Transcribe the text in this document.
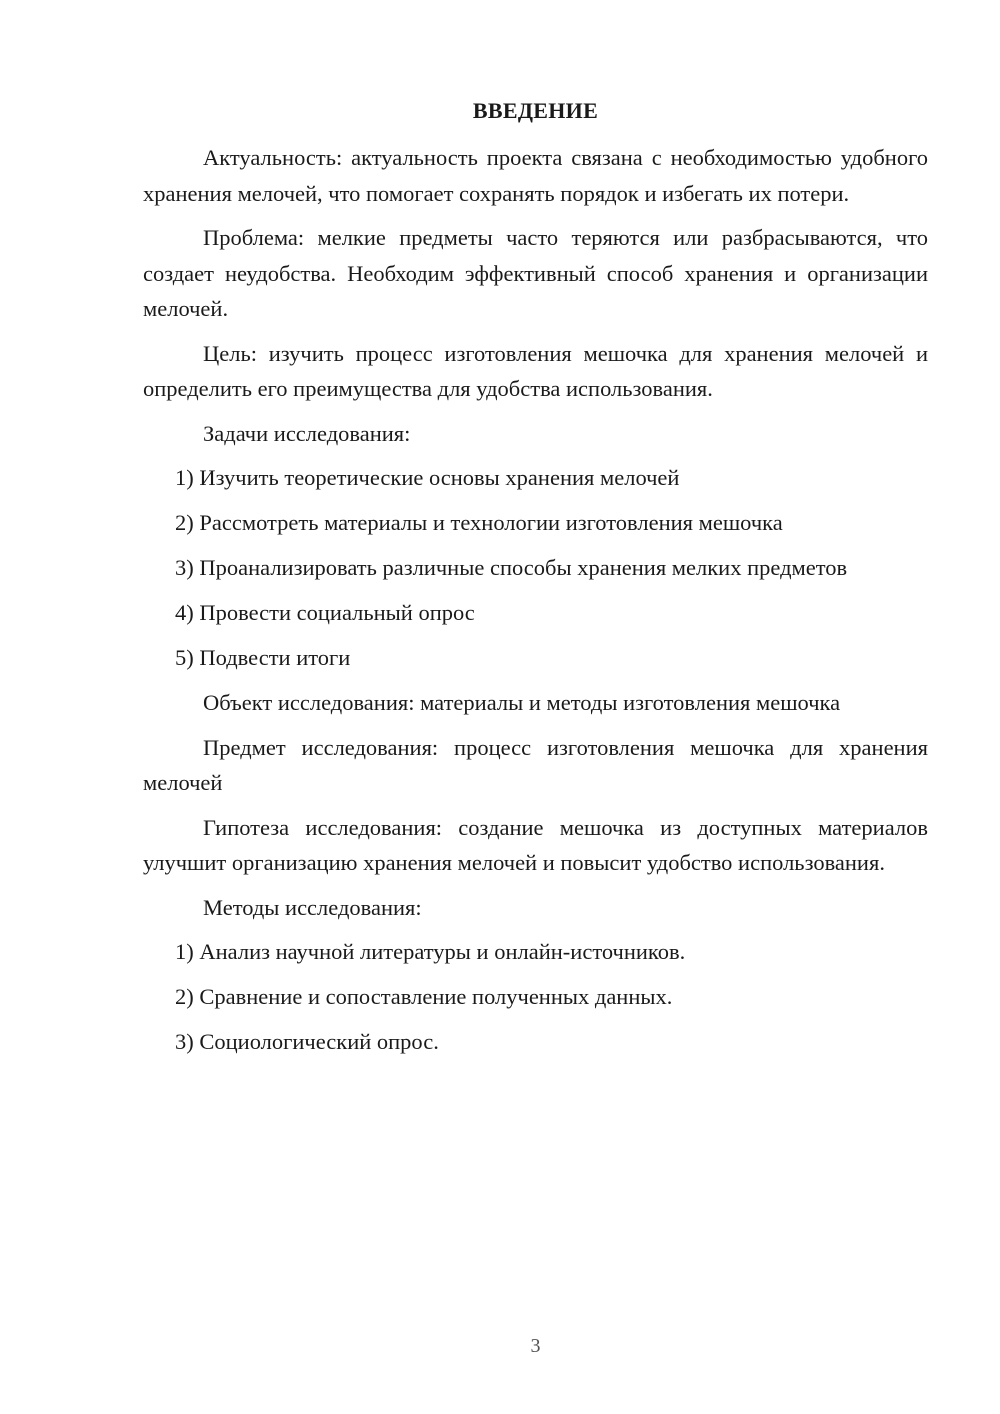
ВВЕДЕНИЕ

Актуальность: актуальность проекта связана с необходимостью удобного хранения мелочей, что помогает сохранять порядок и избегать их потери.

Проблема: мелкие предметы часто теряются или разбрасываются, что создает неудобства. Необходим эффективный способ хранения и организации мелочей.

Цель: изучить процесс изготовления мешочка для хранения мелочей и определить его преимущества для удобства использования.

Задачи исследования:

1) Изучить теоретические основы хранения мелочей

2) Рассмотреть материалы и технологии изготовления мешочка

3) Проанализировать различные способы хранения мелких предметов

4) Провести социальный опрос

5) Подвести итоги

Объект исследования: материалы и методы изготовления мешочка

Предмет исследования: процесс изготовления мешочка для хранения мелочей

Гипотеза исследования: создание мешочка из доступных материалов улучшит организацию хранения мелочей и повысит удобство использования.

Методы исследования:

1) Анализ научной литературы и онлайн-источников.

2) Сравнение и сопоставление полученных данных.

3) Социологический опрос.

3
